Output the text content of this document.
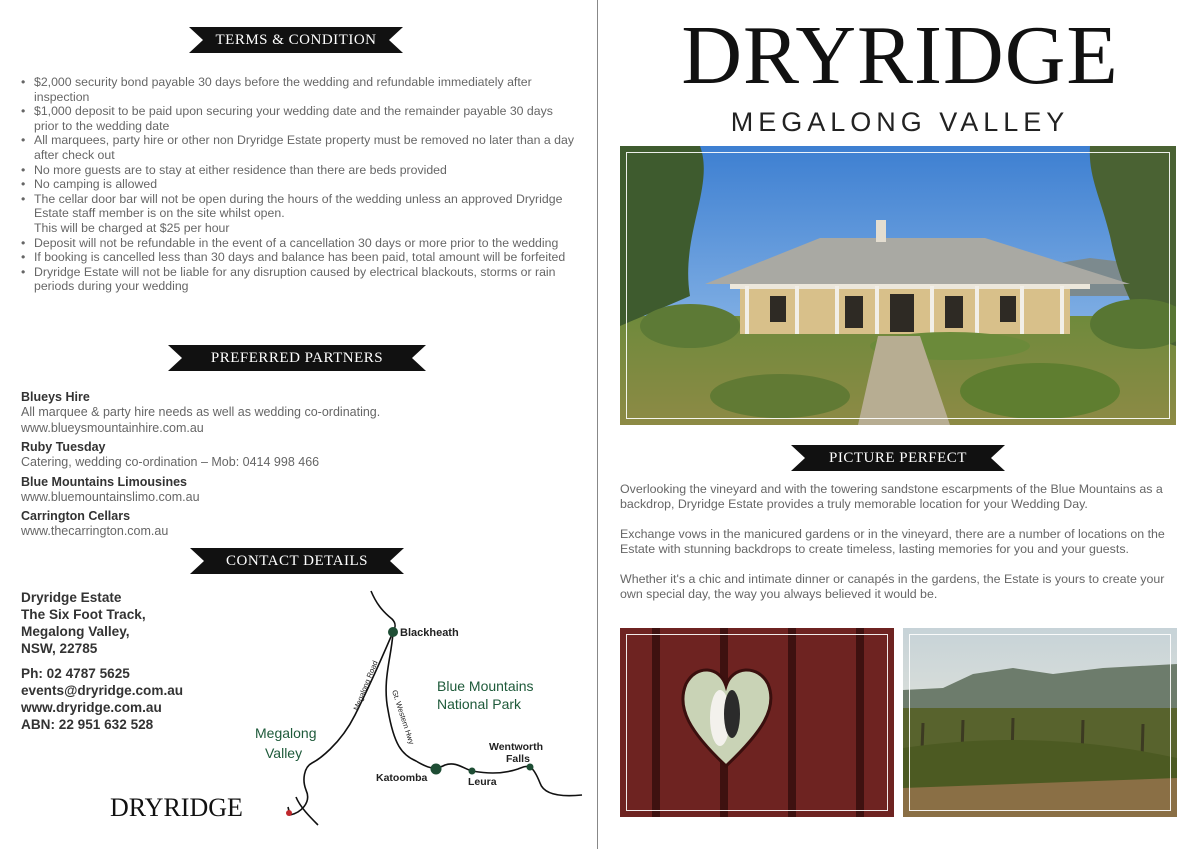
TERMS & CONDITION
• $2,000 security bond payable 30 days before the wedding and refundable immediately after inspection
• $1,000 deposit to be paid upon securing your wedding date and the remainder payable 30 days prior to the wedding date
• All marquees, party hire or other non Dryridge Estate property must be removed no later than a day after check out
• No more guests are to stay at either residence than there are beds provided
• No camping is allowed
• The cellar door bar will not be open during the hours of the wedding unless an approved Dryridge Estate staff member is on the site whilst open.
This will be charged at $25 per hour
• Deposit will not be refundable in the event of a cancellation 30 days or more prior to the wedding
• If booking is cancelled less than 30 days and balance has been paid, total amount will be forfeited
• Dryridge Estate will not be liable for any disruption caused by electrical blackouts, storms or rain periods during your wedding
PREFERRED PARTNERS
Blueys Hire
All marquee & party hire needs as well as wedding co-ordinating.
www.blueysmountainhire.com.au
Ruby Tuesday
Catering, wedding co-ordination – Mob: 0414 998 466
Blue Mountains Limousines
www.bluemountainslimo.com.au
Carrington Cellars
www.thecarrington.com.au
CONTACT DETAILS
Dryridge Estate
The Six Foot Track,
Megalong Valley,
NSW, 22785
Ph: 02 4787 5625
events@dryridge.com.au
www.dryridge.com.au
ABN: 22 951 632 528
Blackheath
Blue Mountains
National Park
Megalong
Valley
Megalong Road
Gt. Western Hwy
Katoomba	Leura
Wentworth
Falls
DRYRIDGE
DRYRIDGE
MEGALONG VALLEY
PICTURE PERFECT

Overlooking the vineyard and with the towering sandstone escarpments of the Blue Mountains as a backdrop, Dryridge Estate provides a truly memorable location for your Wedding Day.

Exchange vows in the manicured gardens or in the vineyard, there are a number of locations on the Estate with stunning backdrops to create timeless, lasting memories for you and your guests.

Whether it's a chic and intimate dinner or canapés in the gardens, the Estate is yours to create your own special day, the way you always believed it would be.
